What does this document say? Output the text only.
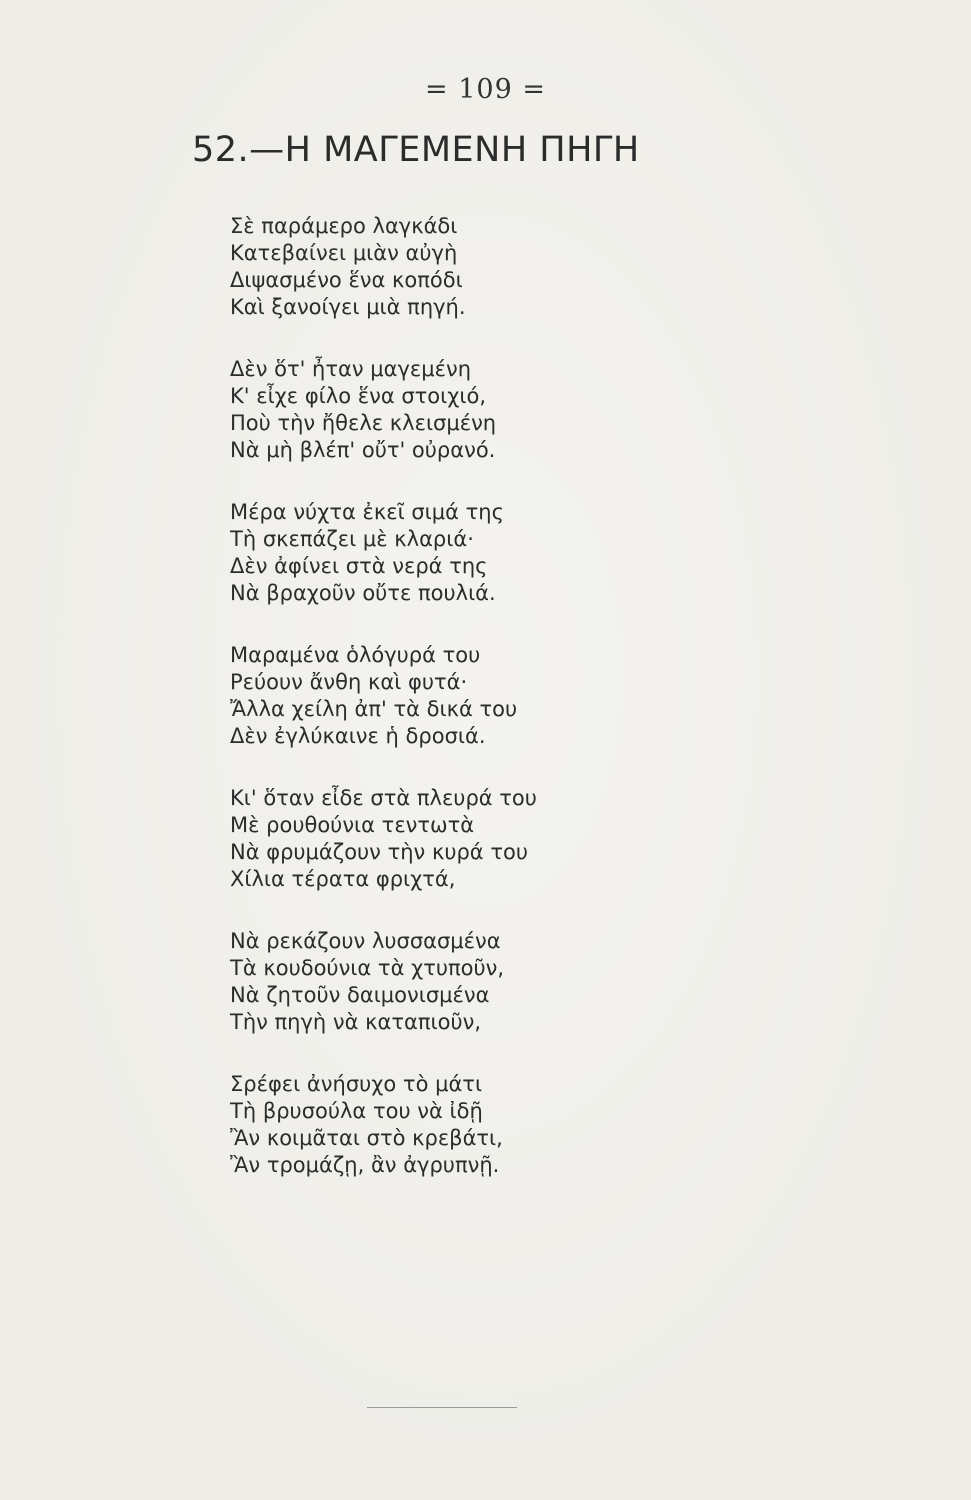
= 109 =
52.—Η ΜΑΓΕΜΕΝΗ ΠΗΓΗ
Σὲ παράμερο λαγκάδι
Κατεβαίνει μιὰν αὐγὴ
Διψασμένο ἕνα κοπόδι
Καὶ ξανοίγει μιὰ πηγή.
Δὲν ὅτ' ἦταν μαγεμένη
Κ' εἶχε φίλο ἕνα στοιχιό,
Ποὺ τὴν ἤθελε κλεισμένη
Νὰ μὴ βλέπ' οὔτ' οὐρανό.
Μέρα νύχτα ἐκεῖ σιμά της
Τὴ σκεπάζει μὲ κλαριά·
Δὲν ἀφίνει στὰ νερά της
Νὰ βραχοῦν οὔτε πουλιά.
Μαραμένα ὁλόγυρά του
Ρεύουν ἄνθη καὶ φυτά·
Ἄλλα χείλη ἀπ' τὰ δικά του
Δὲν ἐγλύκαινε ἡ δροσιά.
Κι' ὅταν εἶδε στὰ πλευρά του
Μὲ ρουθούνια τεντωτὰ
Νὰ φρυμάζουν τὴν κυρά του
Χίλια τέρατα φριχτά,
Νὰ ρεκάζουν λυσσασμένα
Τὰ κουδούνια τὰ χτυποῦν,
Νὰ ζητοῦν δαιμονισμένα
Τὴν πηγὴ νὰ καταπιοῦν,
Σρέφει ἀνήσυχο τὸ μάτι
Τὴ βρυσούλα του νὰ ἰδῇ
Ἂν κοιμᾶται στὸ κρεβάτι,
Ἂν τρομάζῃ, ἂν ἀγρυπνῇ.
